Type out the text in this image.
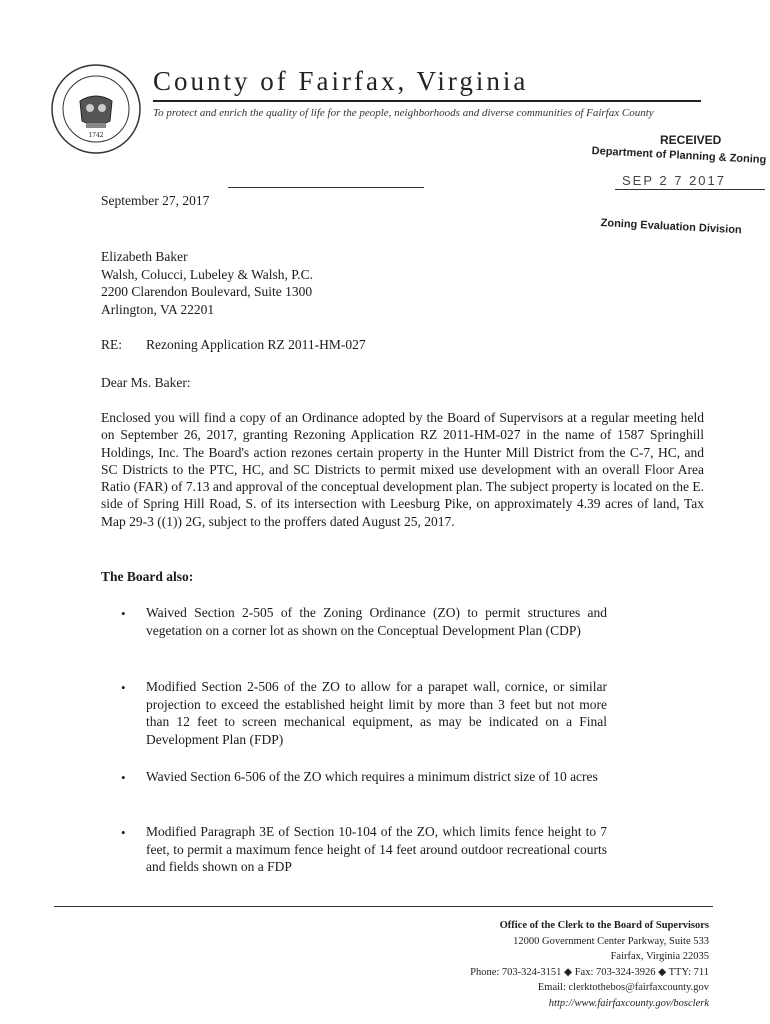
1742
County of Fairfax, Virginia
To protect and enrich the quality of life for the people, neighborhoods and diverse communities of Fairfax County
RECEIVED
Department of Planning & Zoning
SEP 2 7 2017
Zoning Evaluation Division
September 27, 2017
Elizabeth Baker
Walsh, Colucci, Lubeley & Walsh, P.C.
2200 Clarendon Boulevard, Suite 1300
Arlington, VA 22201
RE: Rezoning Application RZ 2011-HM-027
Dear Ms. Baker:
Enclosed you will find a copy of an Ordinance adopted by the Board of Supervisors at a regular meeting held on September 26, 2017, granting Rezoning Application RZ 2011-HM-027 in the name of 1587 Springhill Holdings, Inc. The Board's action rezones certain property in the Hunter Mill District from the C-7, HC, and SC Districts to the PTC, HC, and SC Districts to permit mixed use development with an overall Floor Area Ratio (FAR) of 7.13 and approval of the conceptual development plan. The subject property is located on the E. side of Spring Hill Road, S. of its intersection with Leesburg Pike, on approximately 4.39 acres of land, Tax Map 29-3 ((1)) 2G, subject to the proffers dated August 25, 2017.
The Board also:
• Waived Section 2-505 of the Zoning Ordinance (ZO) to permit structures and vegetation on a corner lot as shown on the Conceptual Development Plan (CDP)
• Modified Section 2-506 of the ZO to allow for a parapet wall, cornice, or similar projection to exceed the established height limit by more than 3 feet but not more than 12 feet to screen mechanical equipment, as may be indicated on a Final Development Plan (FDP)
• Wavied Section 6-506 of the ZO which requires a minimum district size of 10 acres
• Modified Paragraph 3E of Section 10-104 of the ZO, which limits fence height to 7 feet, to permit a maximum fence height of 14 feet around outdoor recreational courts and fields shown on a FDP
Office of the Clerk to the Board of Supervisors
12000 Government Center Parkway, Suite 533
Fairfax, Virginia 22035
Phone: 703-324-3151 ◆ Fax: 703-324-3926 ◆ TTY: 711
Email: clerktothebos@fairfaxcounty.gov
http://www.fairfaxcounty.gov/bosclerk
